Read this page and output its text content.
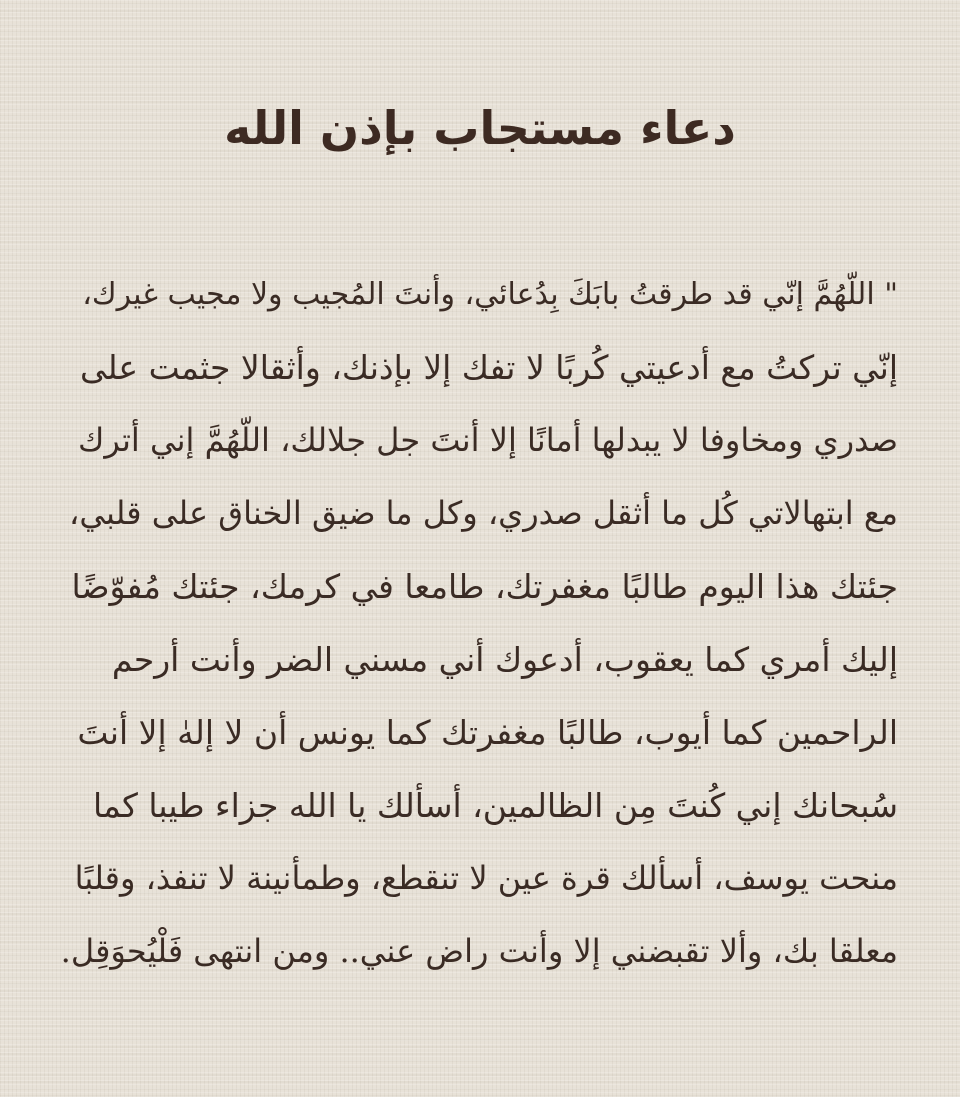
دعاء مستجاب بإذن الله
" اللّهُمَّ إنّي قد طرقتُ بابَكَ بِدُعائي، وأنتَ المُجيب ولا مجيب غيرك،
إنّي تركتُ مع أدعيتي كُربًا لا تفك إلا بإذنك، وأثقالا جثمت على
صدري ومخاوفا لا يبدلها أمانًا إلا أنتَ جل جلالك، اللّهُمَّ إني أترك
مع ابتهالاتي كُل ما أثقل صدري، وكل ما ضيق الخناق على قلبي،
جئتك هذا اليوم طالبًا مغفرتك، طامعا في كرمك، جئتك مُفوّضًا
إليك أمري كما يعقوب، أدعوك أني مسني الضر وأنت أرحم
الراحمين كما أيوب، طالبًا مغفرتك كما يونس أن لا إلهٰ إلا أنتَ
سُبحانك إني كُنتَ مِن الظالمين، أسألك يا الله جزاء طيبا كما
منحت يوسف، أسألك قرة عين لا تنقطع، وطمأنينة لا تنفذ، وقلبًا
معلقا بك، وألا تقبضني إلا وأنت راض عني.. ومن انتهى فَلْيُحوَقِل.
